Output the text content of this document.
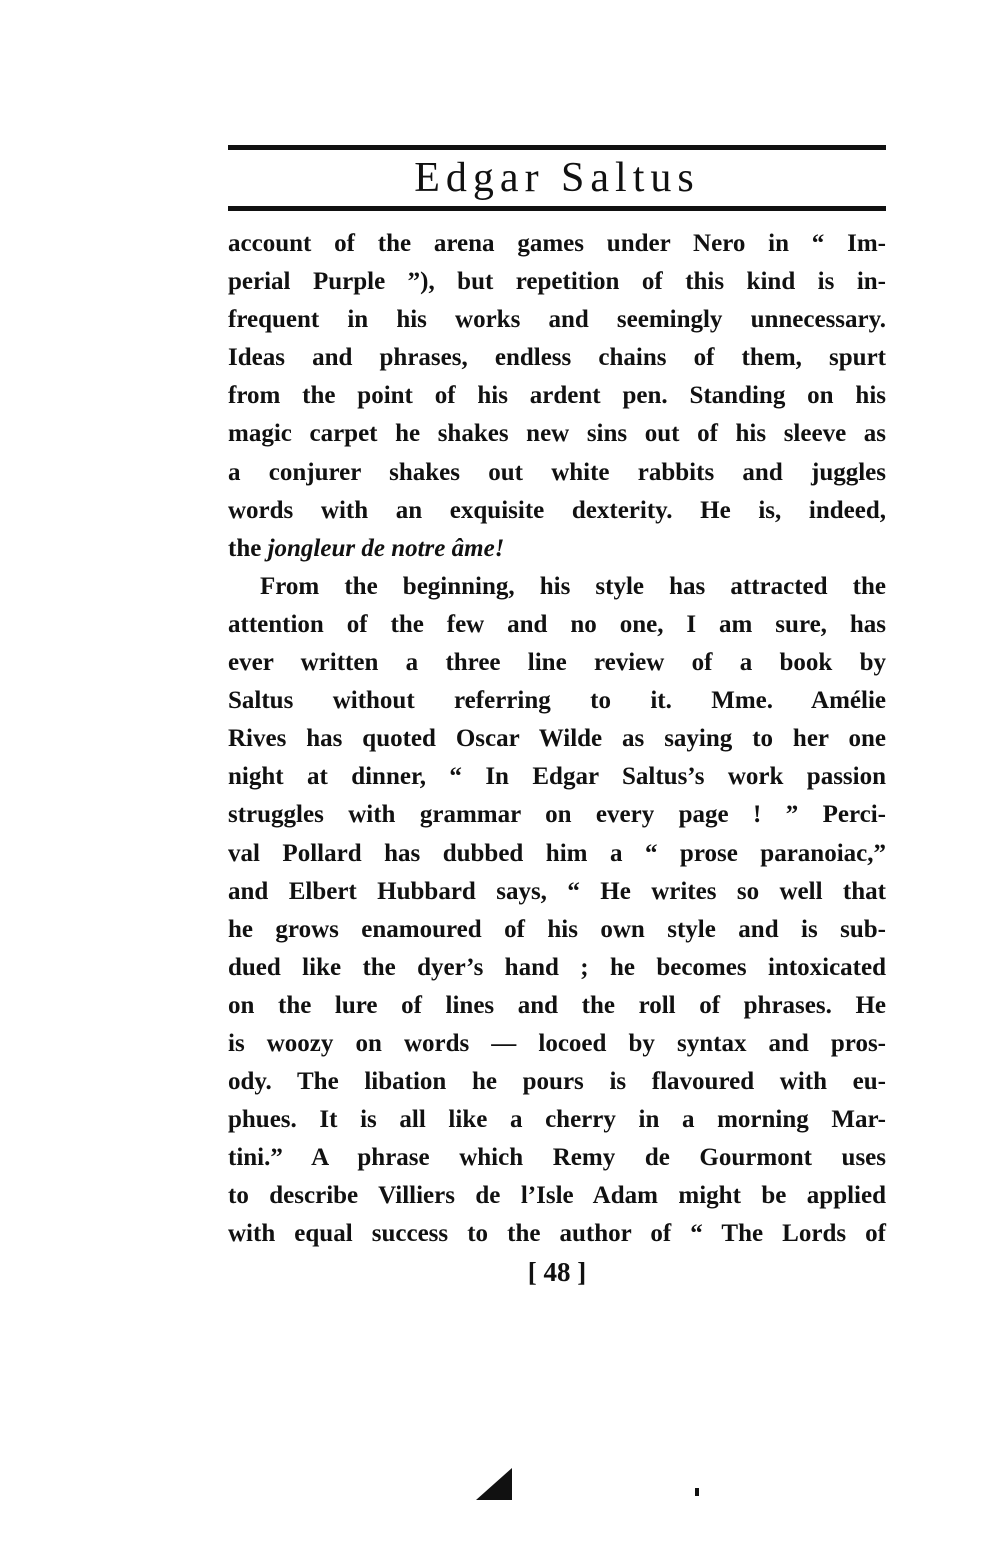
Edgar Saltus
account of the arena games under Nero in “ Im-
perial Purple ”), but repetition of this kind is in-
frequent in his works and seemingly unnecessary.
Ideas and phrases, endless chains of them, spurt
from the point of his ardent pen. Standing on his
magic carpet he shakes new sins out of his sleeve as
a conjurer shakes out white rabbits and juggles
words with an exquisite dexterity. He is, indeed,
the jongleur de notre âme!
From the beginning, his style has attracted the
attention of the few and no one, I am sure, has
ever written a three line review of a book by
Saltus without referring to it. Mme. Amélie
Rives has quoted Oscar Wilde as saying to her one
night at dinner, “ In Edgar Saltus’s work passion
struggles with grammar on every page ! ” Perci-
val Pollard has dubbed him a “ prose paranoiac,”
and Elbert Hubbard says, “ He writes so well that
he grows enamoured of his own style and is sub-
dued like the dyer’s hand ; he becomes intoxicated
on the lure of lines and the roll of phrases. He
is woozy on words — locoed by syntax and pros-
ody. The libation he pours is flavoured with eu-
phues. It is all like a cherry in a morning Mar-
tini.” A phrase which Remy de Gourmont uses
to describe Villiers de l’Isle Adam might be applied
with equal success to the author of “ The Lords of
[ 48 ]
